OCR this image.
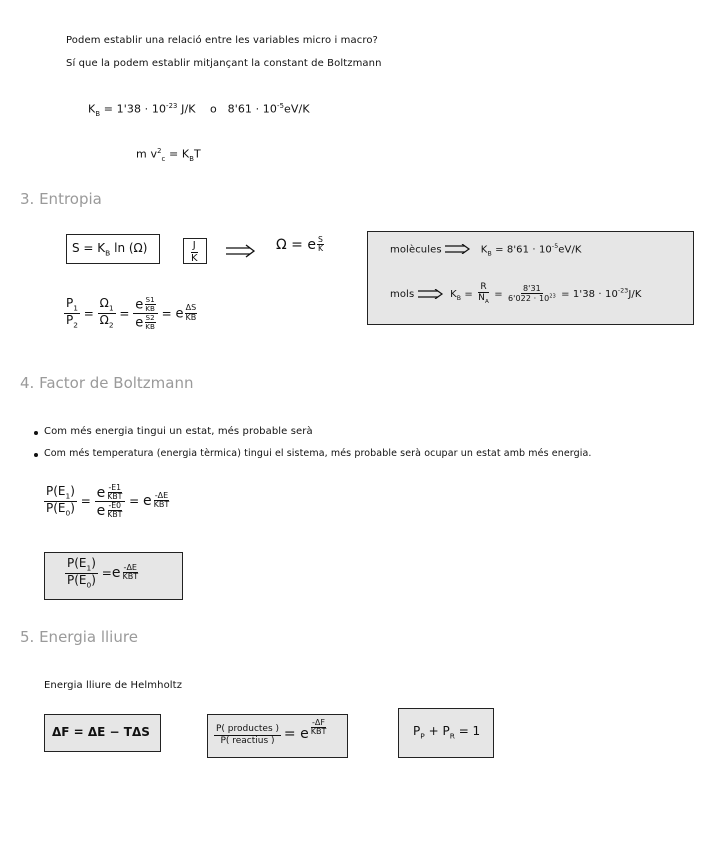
Podem establir una relació entre les variables micro i macro?
Sí que la podem establir mitjançant la constant de Boltzmann
$K_B = 1'38 \cdot 10^{-23}$ J/K o $8'61 \cdot 10^{-5}eV/K$
m $v^2_c = K_BT$
3. Entropia
$S = K_B$ ln (Ω)	$\frac{J}{K}$	Ω = e $\frac{S}{K}$
$\frac{P_1}{P_2} = \frac{\Omega_1}{\Omega_2} = \frac{e \frac{S1}{KB}}{e \frac{S2}{KB}} = e \frac{\Delta S}{KB}$
molècules	$K_B = 8'61 \cdot 10^{-5}eV/K$
mols	$K_B = \frac{R}{N_A} = \frac{8'31}{6'022 \cdot 10^{23}} = 1'38 \cdot 10^{-23}J/K$
4. Factor de Boltzmann
Com més energia tingui un estat, més probable serà
Com més temperatura (energia tèrmica) tingui el sistema, més probable serà ocupar un estat amb més energia.
$\frac{P(E_1)}{P(E_0)} = \frac{e \frac{-E1}{\text{KBT}}}{e \frac{-E0}{\text{KBT}}} = e \frac{-\Delta E}{\text{KBT}}$
$\frac{P(E_1)}{P(E_0)} =e \frac{-\Delta E}{\text{KBT}}$
5. Energia lliure
Energia lliure de Helmholtz
ΔF = ΔE − TΔS	$\frac{\text{P( productes )}}{\text{P( reactius )}} = e \frac{-\Delta F}{\text{KBT}}$	$P_P + P_R = 1$
